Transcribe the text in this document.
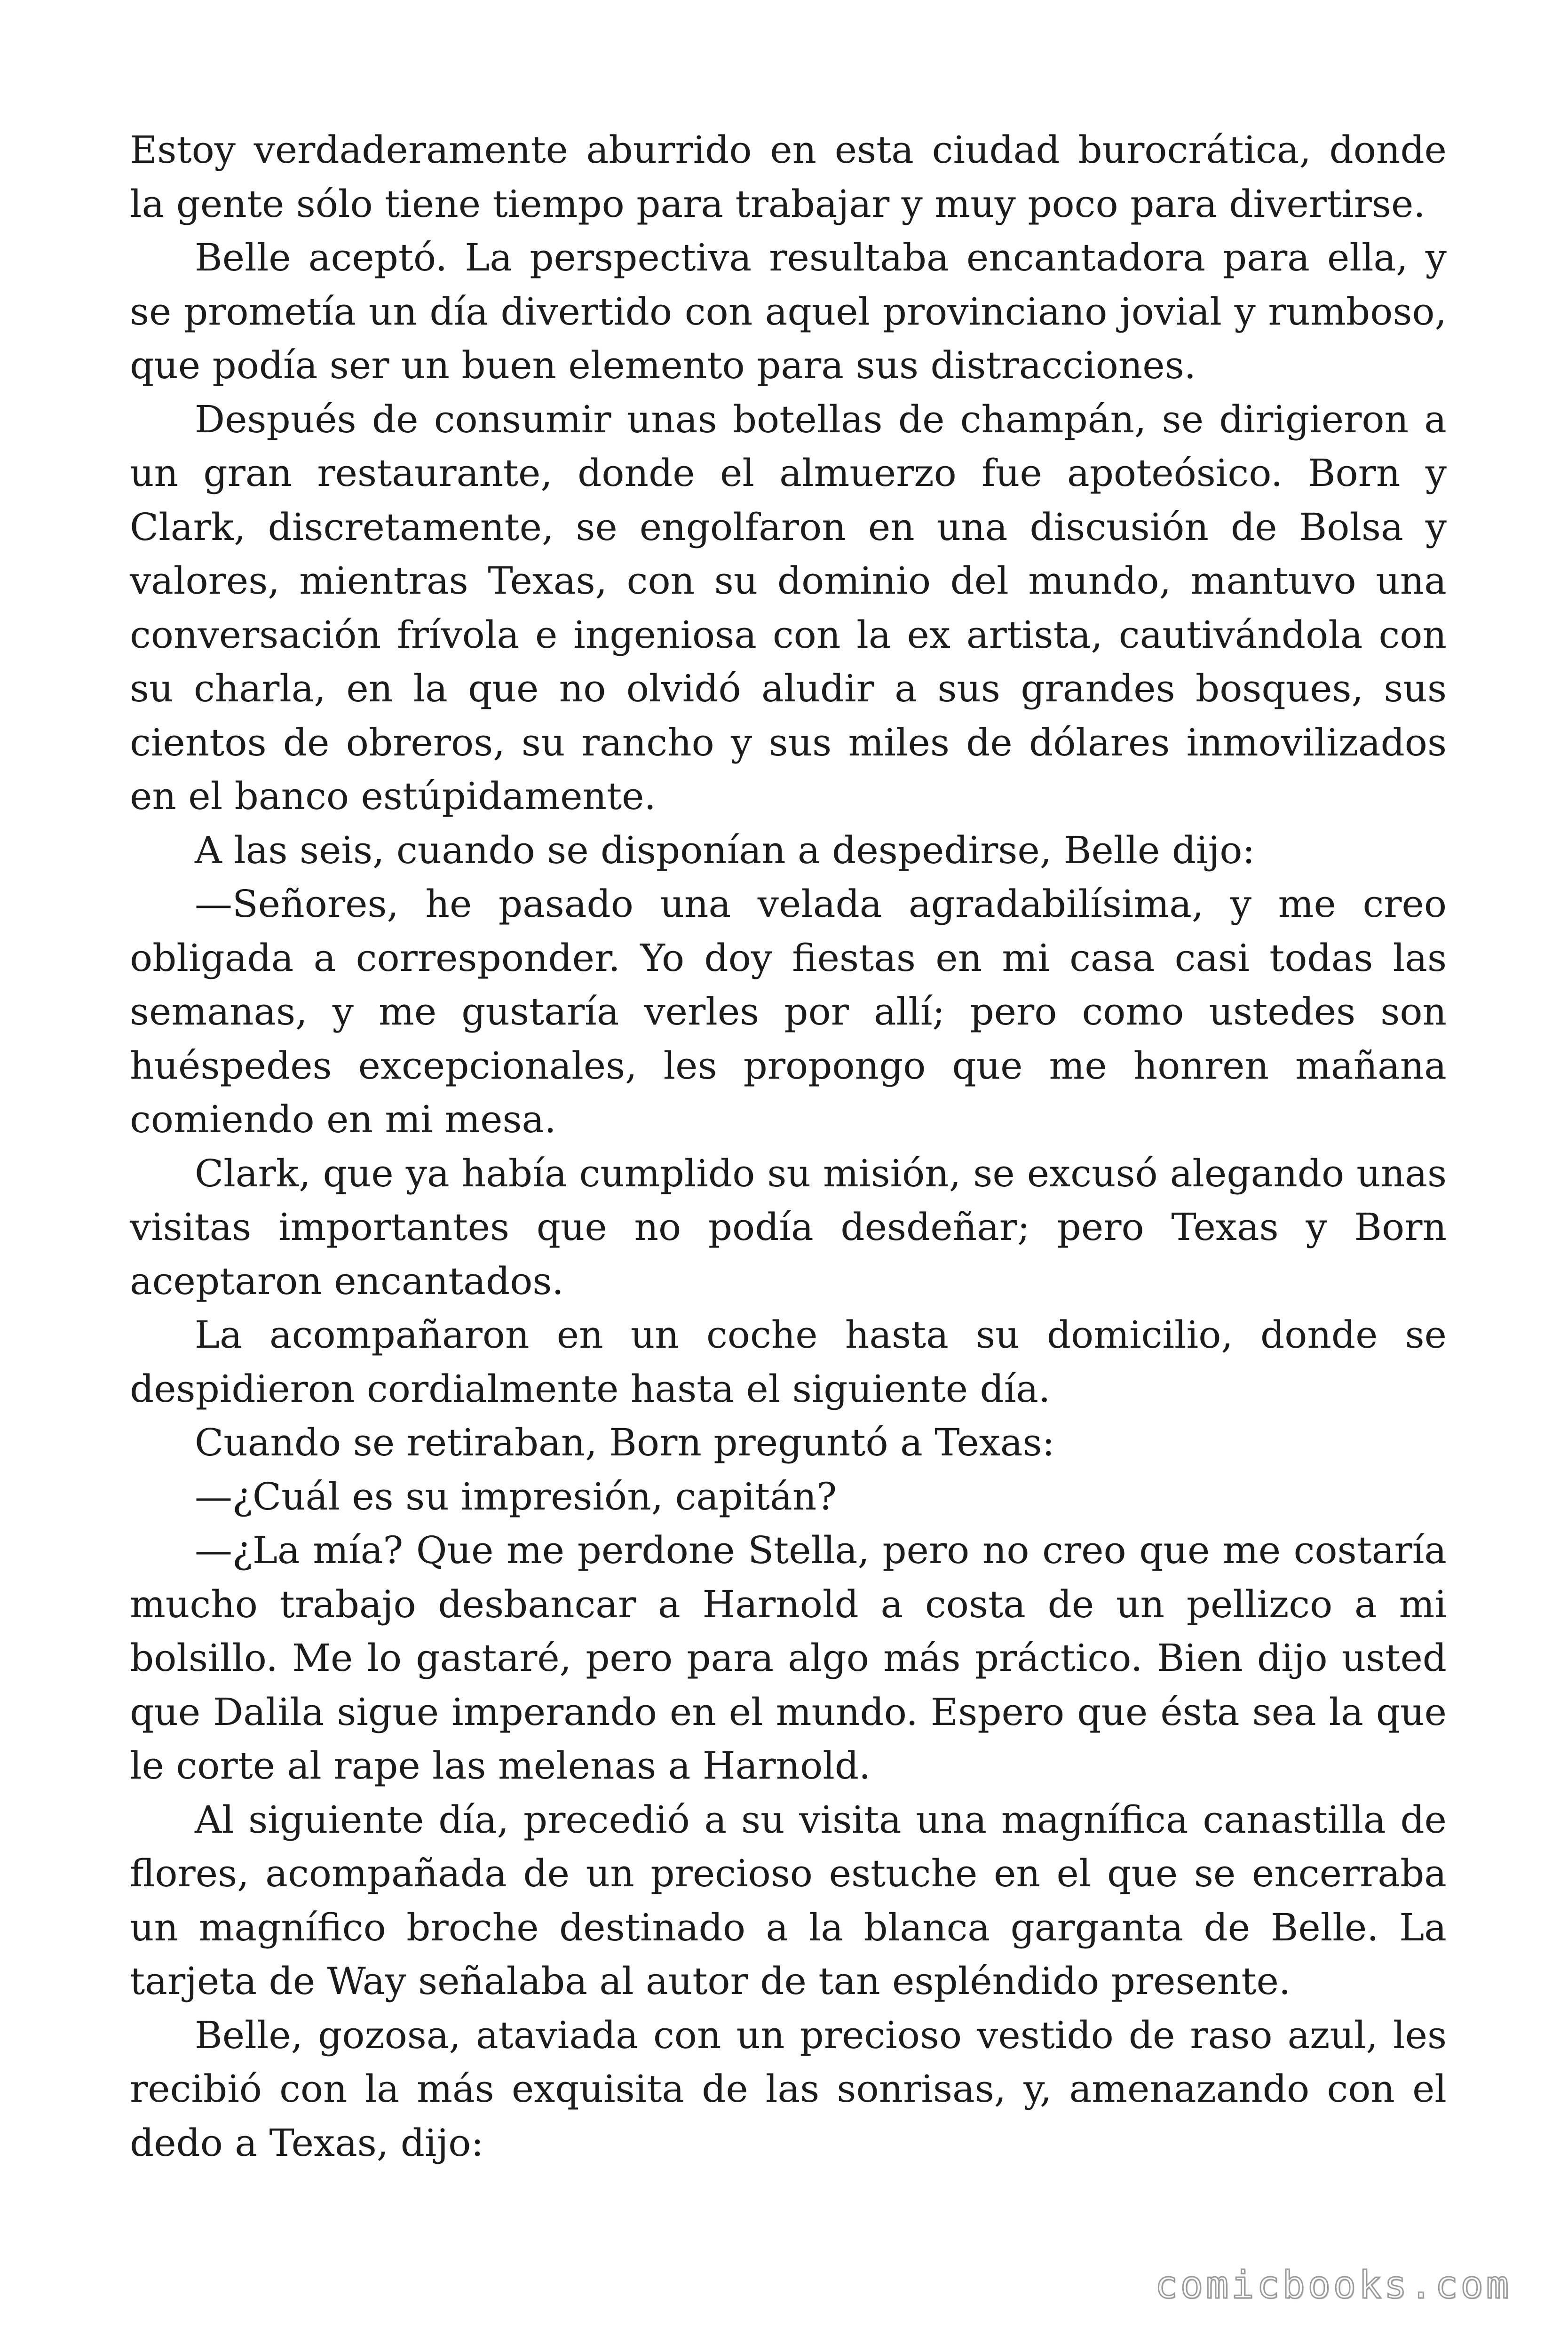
Estoy verdaderamente aburrido en esta ciudad burocrática, donde la gente sólo tiene tiempo para trabajar y muy poco para divertirse.

Belle aceptó. La perspectiva resultaba encantadora para ella, y se prometía un día divertido con aquel provinciano jovial y rumboso, que podía ser un buen elemento para sus distracciones.

Después de consumir unas botellas de champán, se dirigieron a un gran restaurante, donde el almuerzo fue apoteósico. Born y Clark, discretamente, se engolfaron en una discusión de Bolsa y valores, mientras Texas, con su dominio del mundo, mantuvo una conversación frívola e ingeniosa con la ex artista, cautivándola con su charla, en la que no olvidó aludir a sus grandes bosques, sus cientos de obreros, su rancho y sus miles de dólares inmovilizados en el banco estúpidamente.

A las seis, cuando se disponían a despedirse, Belle dijo:

—Señores, he pasado una velada agradabilísima, y me creo obligada a corresponder. Yo doy fiestas en mi casa casi todas las semanas, y me gustaría verles por allí; pero como ustedes son huéspedes excepcionales, les propongo que me honren mañana comiendo en mi mesa.

Clark, que ya había cumplido su misión, se excusó alegando unas visitas importantes que no podía desdeñar; pero Texas y Born aceptaron encantados.

La acompañaron en un coche hasta su domicilio, donde se despidieron cordialmente hasta el siguiente día.

Cuando se retiraban, Born preguntó a Texas:

—¿Cuál es su impresión, capitán?

—¿La mía? Que me perdone Stella, pero no creo que me costaría mucho trabajo desbancar a Harnold a costa de un pellizco a mi bolsillo. Me lo gastaré, pero para algo más práctico. Bien dijo usted que Dalila sigue imperando en el mundo. Espero que ésta sea la que le corte al rape las melenas a Harnold.

Al siguiente día, precedió a su visita una magnífica canastilla de flores, acompañada de un precioso estuche en el que se encerraba un magnífico broche destinado a la blanca garganta de Belle. La tarjeta de Way señalaba al autor de tan espléndido presente.

Belle, gozosa, ataviada con un precioso vestido de raso azul, les recibió con la más exquisita de las sonrisas, y, amenazando con el dedo a Texas, dijo:

comicbooks.com
